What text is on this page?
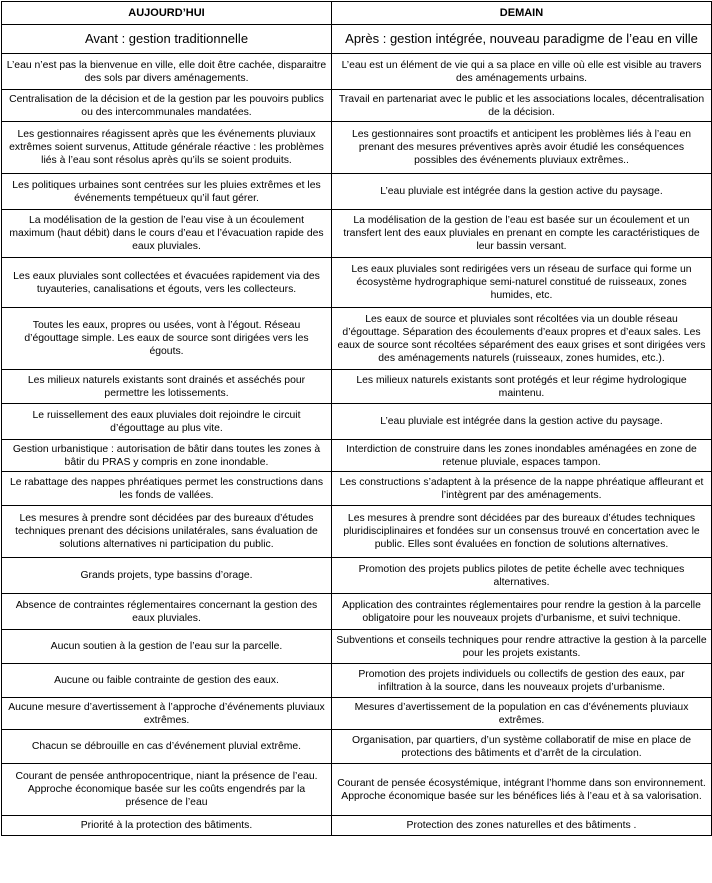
AUJOURD’HUI	DEMAIN
Avant : gestion traditionnelle	Après : gestion intégrée, nouveau paradigme de l’eau en ville
L’eau n’est pas la bienvenue en ville, elle doit être cachée, disparaitre des sols par divers aménagements.	L’eau est un élément de vie qui a sa place en ville où elle est visible au travers des aménagements urbains.
Centralisation de la décision et de la gestion par les pouvoirs publics ou des intercommunales mandatées.	Travail en partenariat avec le public et les associations locales, décentralisation de la décision.
Les gestionnaires réagissent après que les événements pluviaux extrêmes soient survenus, Attitude générale réactive : les problèmes liés à l’eau sont résolus après qu’ils se soient produits.	Les gestionnaires sont proactifs et anticipent les problèmes liés à l’eau en prenant des mesures préventives après avoir étudié les conséquences possibles des événements pluviaux extrêmes..
Les politiques urbaines sont centrées sur les pluies extrêmes et les événements tempétueux qu’il faut gérer.	L’eau pluviale est intégrée dans la gestion active du paysage.
La modélisation de la gestion de l’eau vise à un écoulement maximum (haut débit) dans le cours d’eau et l’évacuation rapide des eaux pluviales.	La modélisation de la gestion de l’eau est basée sur un écoulement et un transfert lent des eaux pluviales en prenant en compte les caractéristiques de leur bassin versant.
Les eaux pluviales sont collectées et évacuées rapidement via des tuyauteries, canalisations et égouts, vers les collecteurs.	Les eaux pluviales sont redirigées vers un réseau de surface qui forme un écosystème hydrographique semi-naturel constitué de ruisseaux, zones humides, etc.
Toutes les eaux, propres ou usées, vont à l’égout. Réseau d’égouttage simple. Les eaux de source sont dirigées vers les égouts.	Les eaux de source et pluviales sont récoltées via un double réseau d’égouttage. Séparation des écoulements d’eaux propres et d’eaux sales. Les eaux de source sont récoltées séparément des eaux grises et sont dirigées vers des aménagements naturels (ruisseaux, zones humides, etc.).
Les milieux naturels existants sont drainés et asséchés pour permettre les lotissements.	Les milieux naturels existants sont protégés et leur régime hydrologique maintenu.
Le ruissellement des eaux pluviales doit rejoindre le circuit d’égouttage au plus vite.	L’eau pluviale est intégrée dans la gestion active du paysage.
Gestion urbanistique : autorisation de bâtir dans toutes les zones à bâtir du PRAS y compris en zone inondable.	Interdiction de construire dans les zones inondables aménagées en zone de retenue pluviale, espaces tampon.
Le rabattage des nappes phréatiques permet les constructions dans les fonds de vallées.	Les constructions s’adaptent à la présence de la nappe phréatique affleurant et l’intègrent par des aménagements.
Les mesures à prendre sont décidées par des bureaux d’études techniques prenant des décisions unilatérales, sans évaluation de solutions alternatives ni participation du public.	Les mesures à prendre sont décidées par des bureaux d’études techniques pluridisciplinaires et fondées sur un consensus trouvé en concertation avec le public. Elles sont évaluées en fonction de solutions alternatives.
Grands projets, type bassins d’orage.	Promotion des projets publics pilotes de petite échelle avec techniques alternatives.
Absence de contraintes réglementaires concernant la gestion des eaux pluviales.	Application des contraintes réglementaires pour rendre la gestion à la parcelle obligatoire pour les nouveaux projets d’urbanisme, et suivi technique.
Aucun soutien à la gestion de l’eau sur la parcelle.	Subventions et conseils techniques pour rendre attractive la gestion à la parcelle pour les projets existants.
Aucune ou faible contrainte de gestion des eaux.	Promotion des projets individuels ou collectifs de gestion des eaux, par infiltration à la source, dans les nouveaux projets d’urbanisme.
Aucune mesure d’avertissement à l’approche d’événements pluviaux extrêmes.	Mesures d’avertissement de la population en cas d’événements pluviaux extrêmes.
Chacun se débrouille en cas d’événement pluvial extrême.	Organisation, par quartiers, d’un système collaboratif de mise en place de protections des bâtiments et d’arrêt de la circulation.
Courant de pensée anthropocentrique, niant la présence de l’eau. Approche économique basée sur les coûts engendrés par la présence de l’eau	Courant de pensée écosystémique, intégrant l’homme dans son environnement. Approche économique basée sur les bénéfices liés à l’eau et à sa valorisation.
Priorité à la protection des bâtiments.	Protection des zones naturelles et des bâtiments .
